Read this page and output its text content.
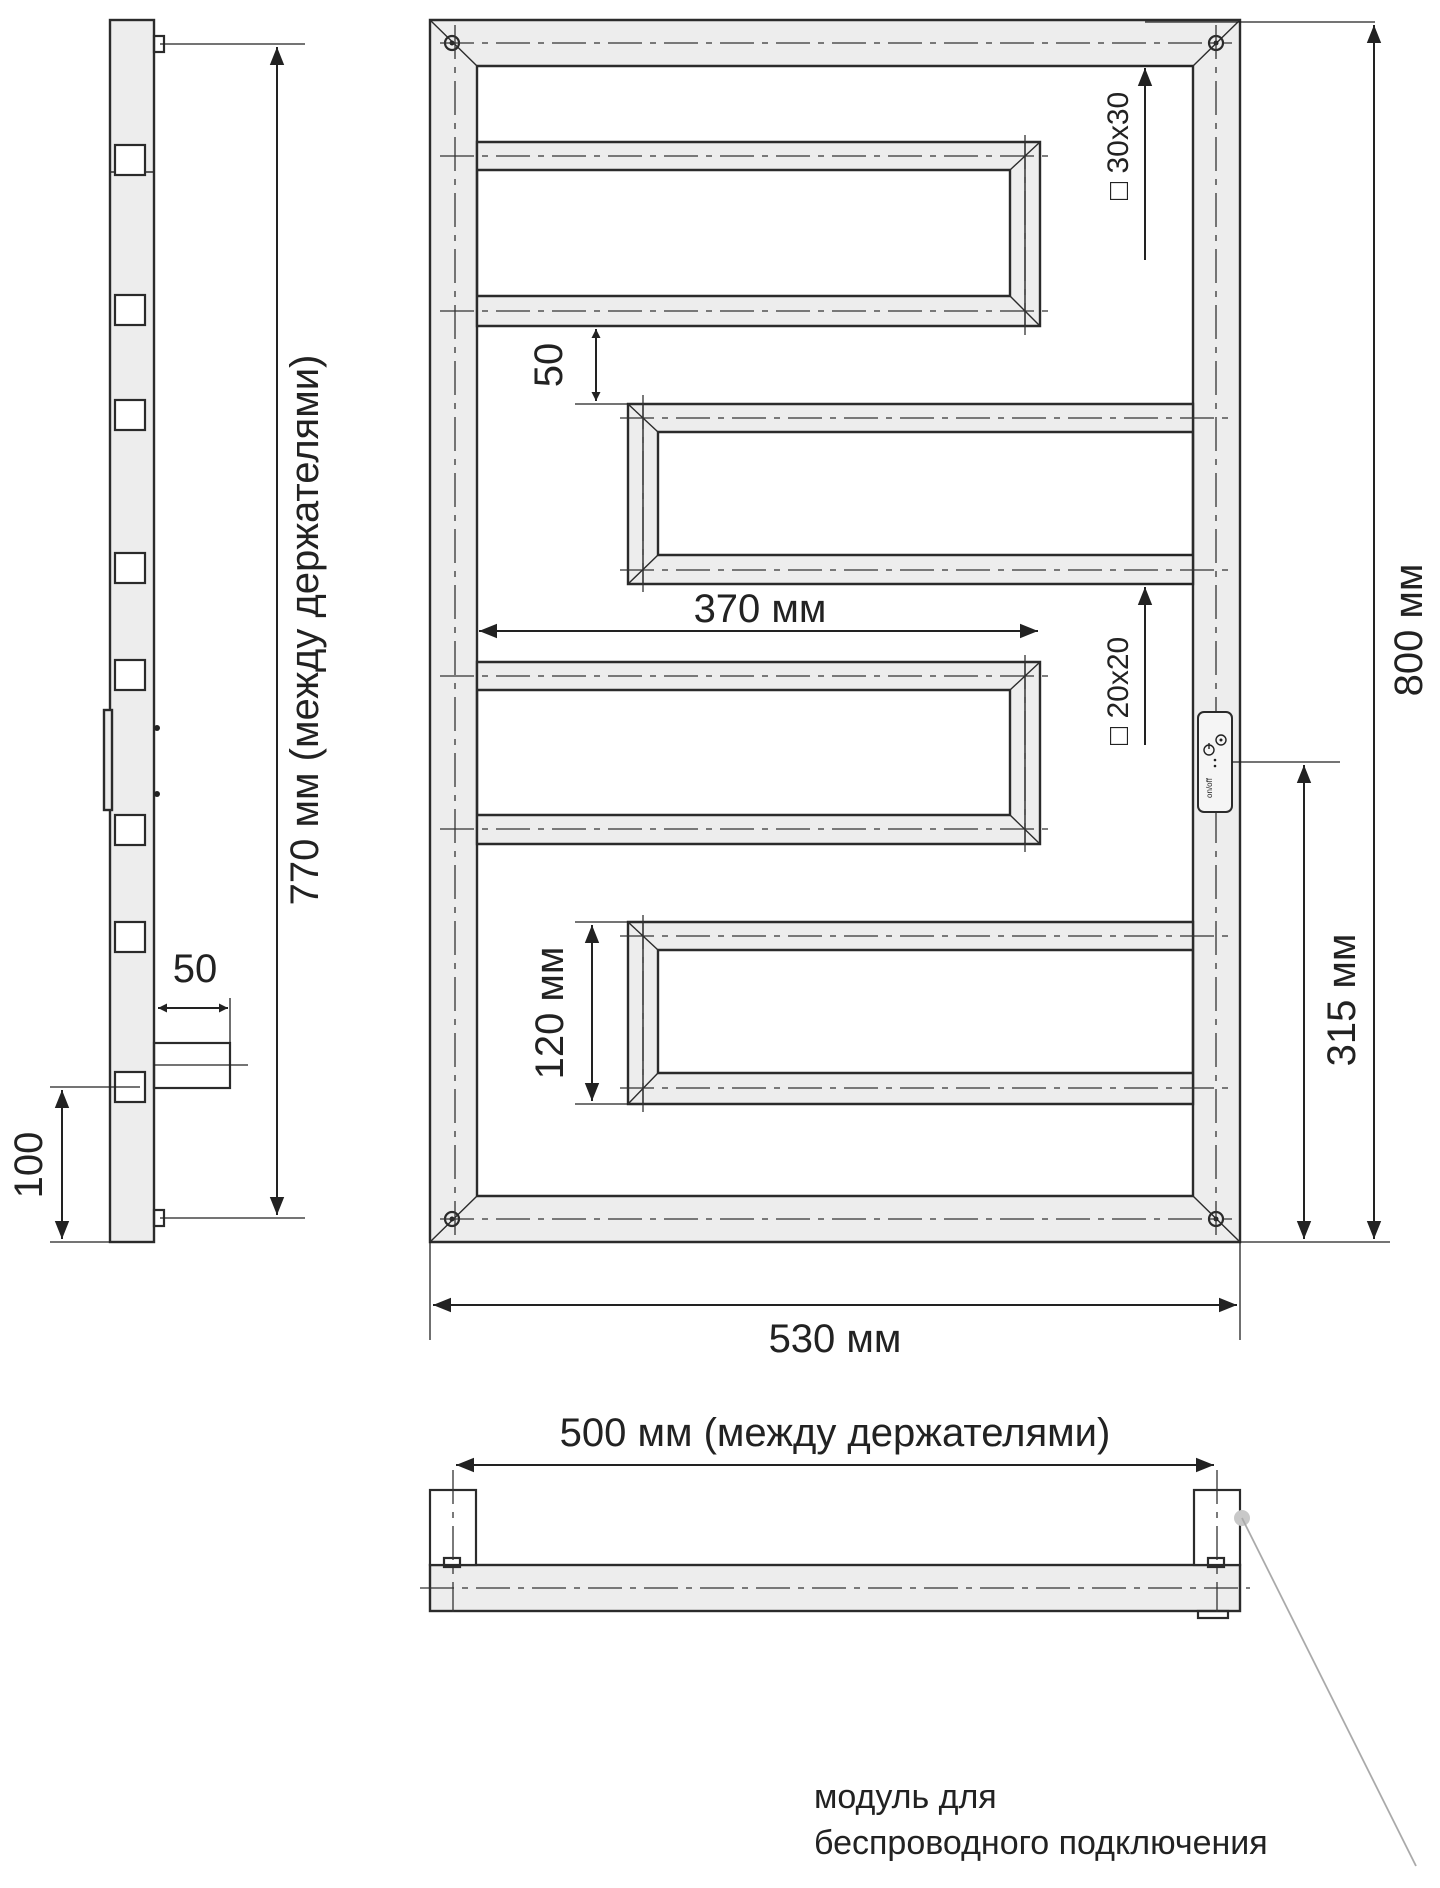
770 мм (между держателями)
50
100
on/off
□ 30x30
□ 20x20
50
370 мм
120 мм	315 мм
800 мм
530 мм
500 мм (между держателями)
модуль для
беспроводного подключения
